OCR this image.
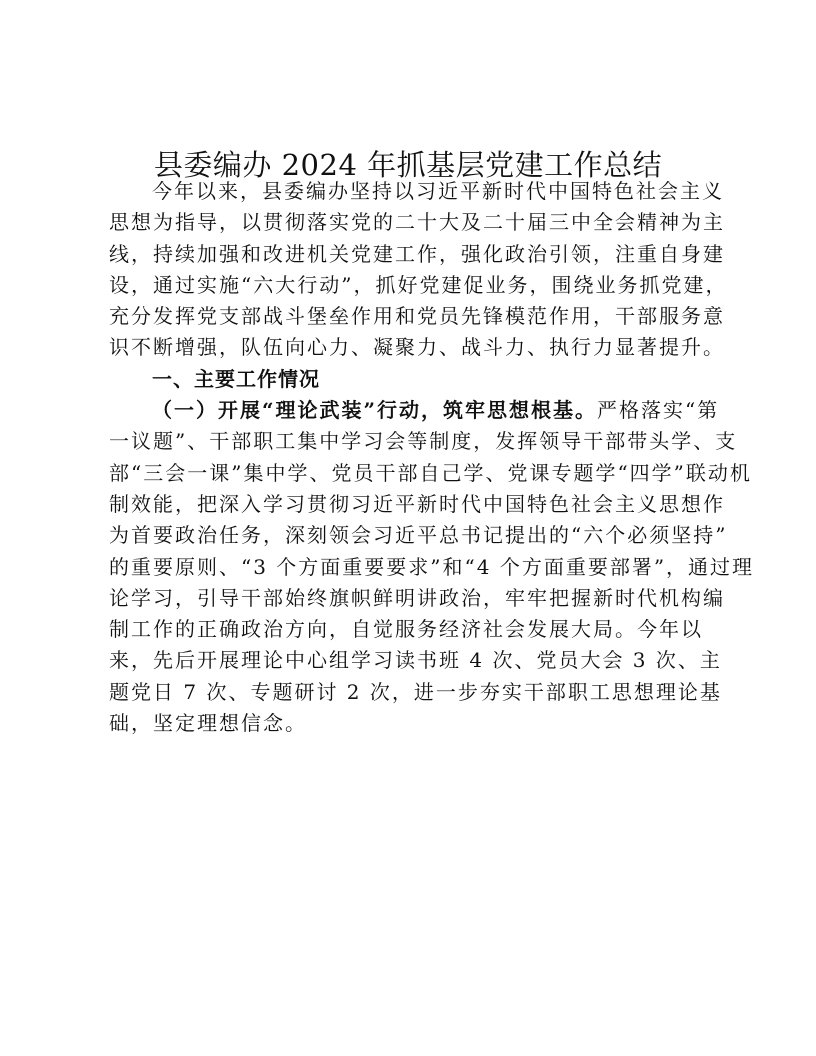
县委编办 2024 年抓基层党建工作总结
今年以来，县委编办坚持以习近平新时代中国特色社会主义
思想为指导，以贯彻落实党的二十大及二十届三中全会精神为主
线，持续加强和改进机关党建工作，强化政治引领，注重自身建
设，通过实施“六大行动”，抓好党建促业务，围绕业务抓党建，
充分发挥党支部战斗堡垒作用和党员先锋模范作用，干部服务意
识不断增强，队伍向心力、凝聚力、战斗力、执行力显著提升。
一、主要工作情况
（一）开展“理论武装”行动，筑牢思想根基。严格落实“第
一议题”、干部职工集中学习会等制度，发挥领导干部带头学、支
部“三会一课”集中学、党员干部自己学、党课专题学“四学”联动机
制效能，把深入学习贯彻习近平新时代中国特色社会主义思想作
为首要政治任务，深刻领会习近平总书记提出的“六个必须坚持”
的重要原则、“3 个方面重要要求”和“4 个方面重要部署”，通过理
论学习，引导干部始终旗帜鲜明讲政治，牢牢把握新时代机构编
制工作的正确政治方向，自觉服务经济社会发展大局。今年以
来，先后开展理论中心组学习读书班 4 次、党员大会 3 次、主
题党日 7 次、专题研讨 2 次，进一步夯实干部职工思想理论基
础，坚定理想信念。
